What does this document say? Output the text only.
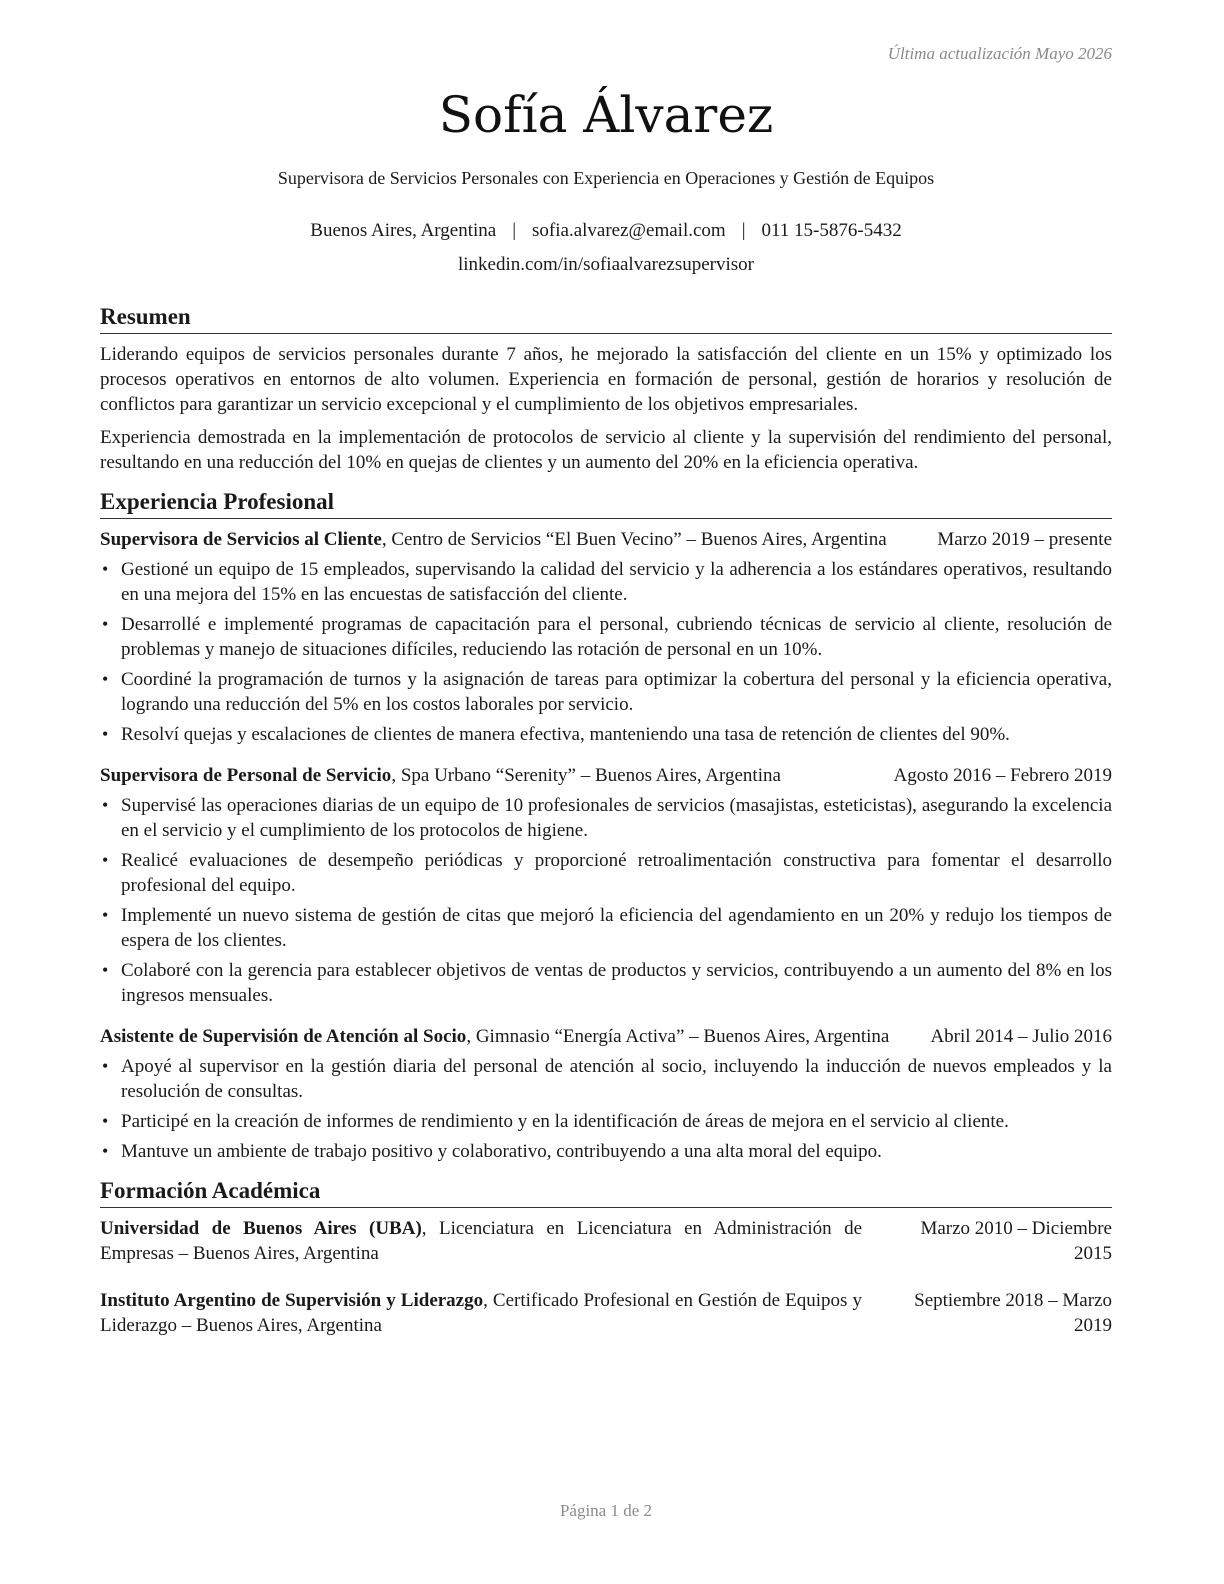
Última actualización Mayo 2026
Sofía Álvarez
Supervisora de Servicios Personales con Experiencia en Operaciones y Gestión de Equipos
Buenos Aires, Argentina | sofia.alvarez@email.com | 011 15-5876-5432
linkedin.com/in/sofiaalvarezsupervisor
Resumen

Liderando equipos de servicios personales durante 7 años, he mejorado la satisfacción del cliente en un 15% y optimizado los procesos operativos en entornos de alto volumen. Experiencia en formación de personal, gestión de horarios y resolución de conflictos para garantizar un servicio excepcional y el cumplimiento de los objetivos empresariales.

Experiencia demostrada en la implementación de protocolos de servicio al cliente y la supervisión del rendimiento del personal, resultando en una reducción del 10% en quejas de clientes y un aumento del 20% en la eficiencia operativa.

Experiencia Profesional
Supervisora de Servicios al Cliente, Centro de Servicios “El Buen Vecino” – Buenos Aires, Argentina	Marzo 2019 – presente
• Gestioné un equipo de 15 empleados, supervisando la calidad del servicio y la adherencia a los estándares operativos, resultando en una mejora del 15% en las encuestas de satisfacción del cliente.
• Desarrollé e implementé programas de capacitación para el personal, cubriendo técnicas de servicio al cliente, resolución de problemas y manejo de situaciones difíciles, reduciendo las rotación de personal en un 10%.
• Coordiné la programación de turnos y la asignación de tareas para optimizar la cobertura del personal y la eficiencia operativa, logrando una reducción del 5% en los costos laborales por servicio.
• Resolví quejas y escalaciones de clientes de manera efectiva, manteniendo una tasa de retención de clientes del 90%.
Supervisora de Personal de Servicio, Spa Urbano “Serenity” – Buenos Aires, Argentina	Agosto 2016 – Febrero 2019
• Supervisé las operaciones diarias de un equipo de 10 profesionales de servicios (masajistas, esteticistas), asegurando la excelencia en el servicio y el cumplimiento de los protocolos de higiene.
• Realicé evaluaciones de desempeño periódicas y proporcioné retroalimentación constructiva para fomentar el desarrollo profesional del equipo.
• Implementé un nuevo sistema de gestión de citas que mejoró la eficiencia del agendamiento en un 20% y redujo los tiempos de espera de los clientes.
• Colaboré con la gerencia para establecer objetivos de ventas de productos y servicios, contribuyendo a un aumento del 8% en los ingresos mensuales.
Asistente de Supervisión de Atención al Socio, Gimnasio “Energía Activa” – Buenos Aires, Argentina	Abril 2014 – Julio 2016
• Apoyé al supervisor en la gestión diaria del personal de atención al socio, incluyendo la inducción de nuevos empleados y la resolución de consultas.
• Participé en la creación de informes de rendimiento y en la identificación de áreas de mejora en el servicio al cliente.
• Mantuve un ambiente de trabajo positivo y colaborativo, contribuyendo a una alta moral del equipo.
Formación Académica
Universidad de Buenos Aires (UBA), Licenciatura en Licenciatura en Administración de Empresas – Buenos Aires, Argentina
Marzo 2010 – Diciembre 2015
Instituto Argentino de Supervisión y Liderazgo, Certificado Profesional en Gestión de Equipos y Liderazgo – Buenos Aires, Argentina
Septiembre 2018 – Marzo 2019
Página 1 de 2
